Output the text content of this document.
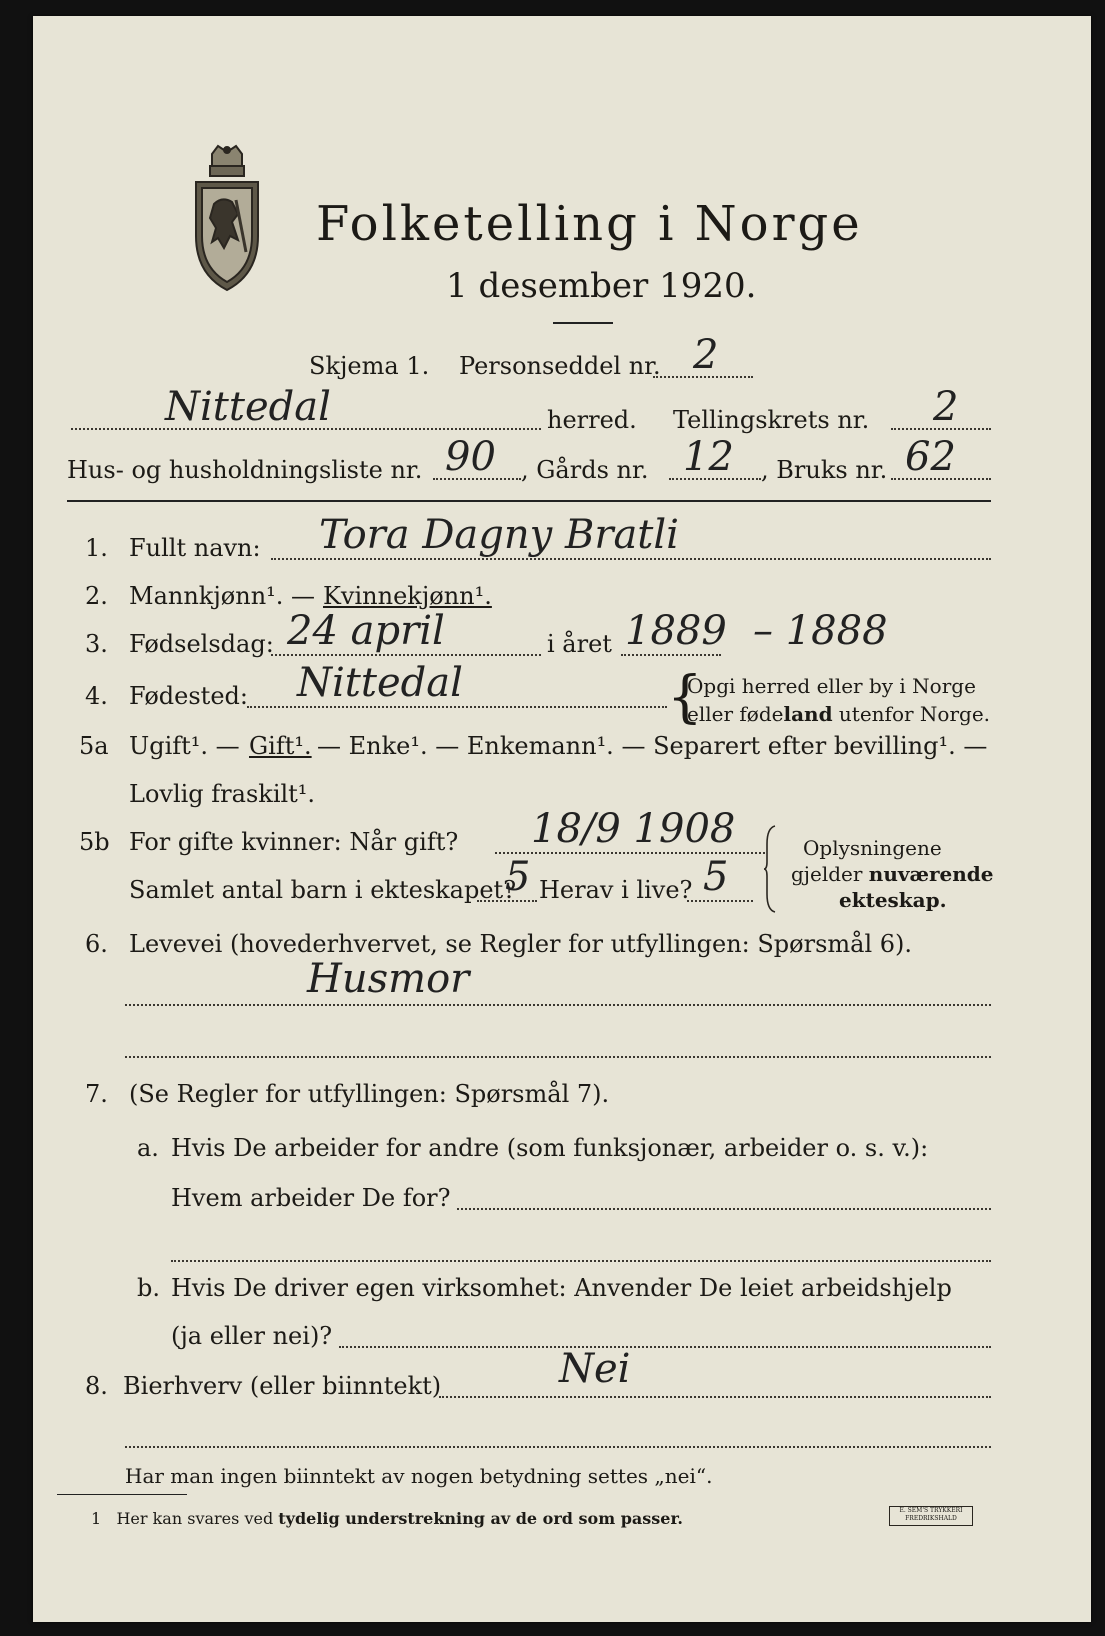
Folketelling i Norge
1 desember 1920.
Skjema 1. Personseddel nr. 2
Nittedal	herred. Tellingskrets nr. 2
Hus- og husholdningsliste nr. 90 , Gårds nr. 12 , Bruks nr. 62
1. Fullt navn: Tora Dagny Bratli
2. Mannkjønn¹. — Kvinnekjønn¹.
3. Fødselsdag: 24 april	i året 1889 – 1888
4. Fødested: Nittedal	{
Opgi herred eller by i Norge
eller fødeland utenfor Norge.
5a Ugift¹. — Gift¹. — Enke¹. — Enkemann¹. — Separert efter bevilling¹. —
Lovlig fraskilt¹.
5b For gifte kvinner: Når gift? 18/9 1908
Samlet antal barn i ekteskapet?
5 Herav i live? 5
Oplysningene
gjelder nuværende
ekteskap.
6. Levevei (hovederhvervet, se Regler for utfyllingen: Spørsmål 6).
Husmor
7. (Se Regler for utfyllingen: Spørsmål 7).
a. Hvis De arbeider for andre (som funksjonær, arbeider o. s. v.):
Hvem arbeider De for?
b. Hvis De driver egen virksomhet: Anvender De leiet arbeidshjelp
(ja eller nei)?
8. Bierhverv (eller biinntekt)	Nei
Har man ingen biinntekt av nogen betydning settes „nei“.
1 Her kan svares ved tydelig understrekning av de ord som passer.	E. SEM'S TRYKKERI
FREDRIKSHALD
